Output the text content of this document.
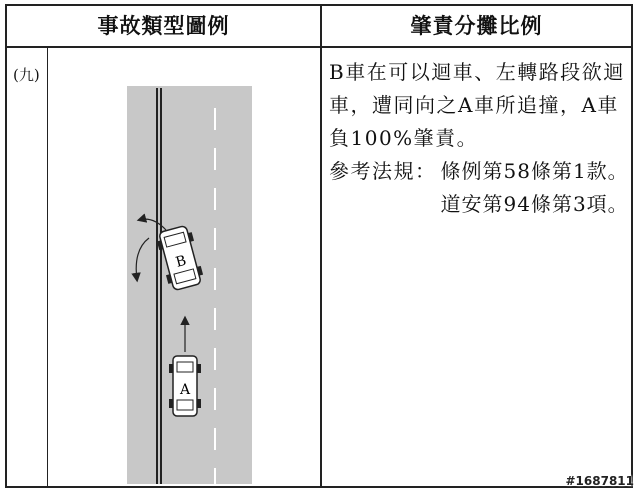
事故類型圖例	肇責分攤比例
(九)
B
A

B車在可以迴車、左轉路段欲迴車，遭同向之A車所追撞，A車負100%肇責。

參考法規： 條例第58條第1款。
道安第94條第3項。
#1687811
